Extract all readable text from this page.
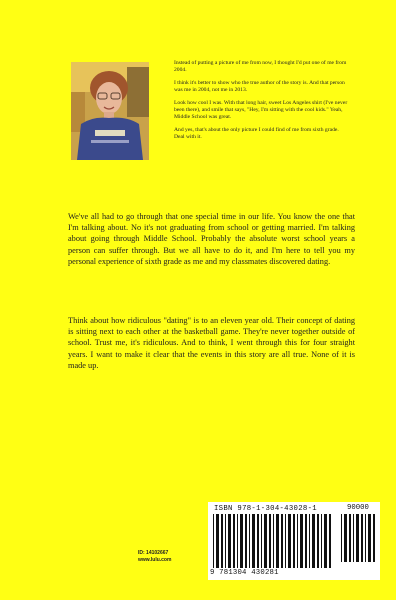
Instead of putting a picture of me from now, I thought I'd put one of me from 2004.

I think it's better to show who the true author of the story is. And that person was me in 2004, not me in 2013.

Look how cool I was. With that long hair, sweet Los Angeles shirt (I've never been there), and smile that says, "Hey, I'm sitting with the cool kids." Yeah, Middle School was great.

And yes, that's about the only picture I could find of me from sixth grade. Deal with it.

We've all had to go through that one special time in our life. You know the one that I'm talking about. No it's not graduating from school or getting married. I'm talking about going through Middle School. Probably the absolute worst school years a person can suffer through. But we all have to do it, and I'm here to tell you my personal experience of sixth grade as me and my classmates discovered dating.

Think about how ridiculous "dating" is to an eleven year old. Their concept of dating is sitting next to each other at the basketball game. They're never together outside of school. Trust me, it's ridiculous. And to think, I went through this for four straight years. I want to make it clear that the events in this story are all true. None of it is made up.

ID: 14102667
www.lulu.com
ISBN 978-1-304-43028-1	90000
9 781304 430281
